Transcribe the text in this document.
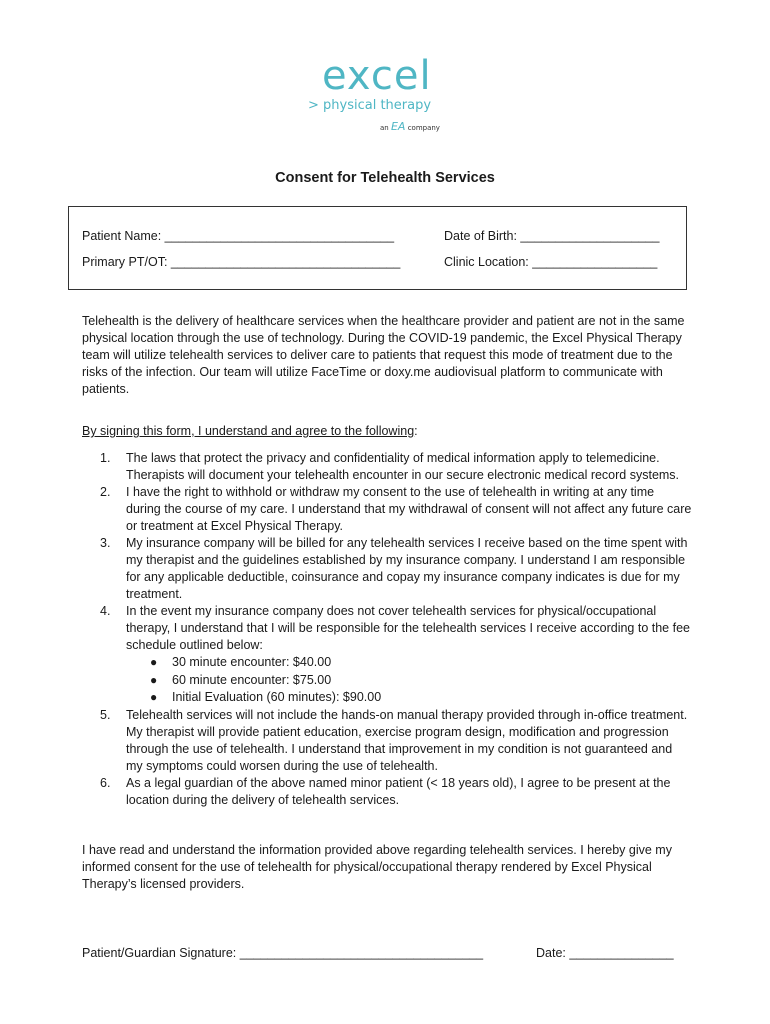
excel
> physical therapy
an EA company
Consent for Telehealth Services
Patient Name: _________________________________	Date of Birth: ____________________
Primary PT/OT: _________________________________	Clinic Location: __________________
Telehealth is the delivery of healthcare services when the healthcare provider and patient are not in the same physical location through the use of technology. During the COVID-19 pandemic, the Excel Physical Therapy team will utilize telehealth services to deliver care to patients that request this mode of treatment due to the risks of the infection. Our team will utilize FaceTime or doxy.me audiovisual platform to communicate with patients.
By signing this form, I understand and agree to the following:
1. The laws that protect the privacy and confidentiality of medical information apply to telemedicine. Therapists will document your telehealth encounter in our secure electronic medical record systems.
2. I have the right to withhold or withdraw my consent to the use of telehealth in writing at any time during the course of my care. I understand that my withdrawal of consent will not affect any future care or treatment at Excel Physical Therapy.
3. My insurance company will be billed for any telehealth services I receive based on the time spent with my therapist and the guidelines established by my insurance company. I understand I am responsible for any applicable deductible, coinsurance and copay my insurance company indicates is due for my treatment.
4. In the event my insurance company does not cover telehealth services for physical/occupational therapy, I understand that I will be responsible for the telehealth services I receive according to the fee schedule outlined below:
● 30 minute encounter: $40.00
● 60 minute encounter: $75.00
● Initial Evaluation (60 minutes): $90.00
5. Telehealth services will not include the hands-on manual therapy provided through in-office treatment. My therapist will provide patient education, exercise program design, modification and progression through the use of telehealth. I understand that improvement in my condition is not guaranteed and my symptoms could worsen during the use of telehealth.
6. As a legal guardian of the above named minor patient (< 18 years old), I agree to be present at the location during the delivery of telehealth services.
I have read and understand the information provided above regarding telehealth services. I hereby give my informed consent for the use of telehealth for physical/occupational therapy rendered by Excel Physical Therapy’s licensed providers.
Patient/Guardian Signature: ___________________________________	Date: _______________
